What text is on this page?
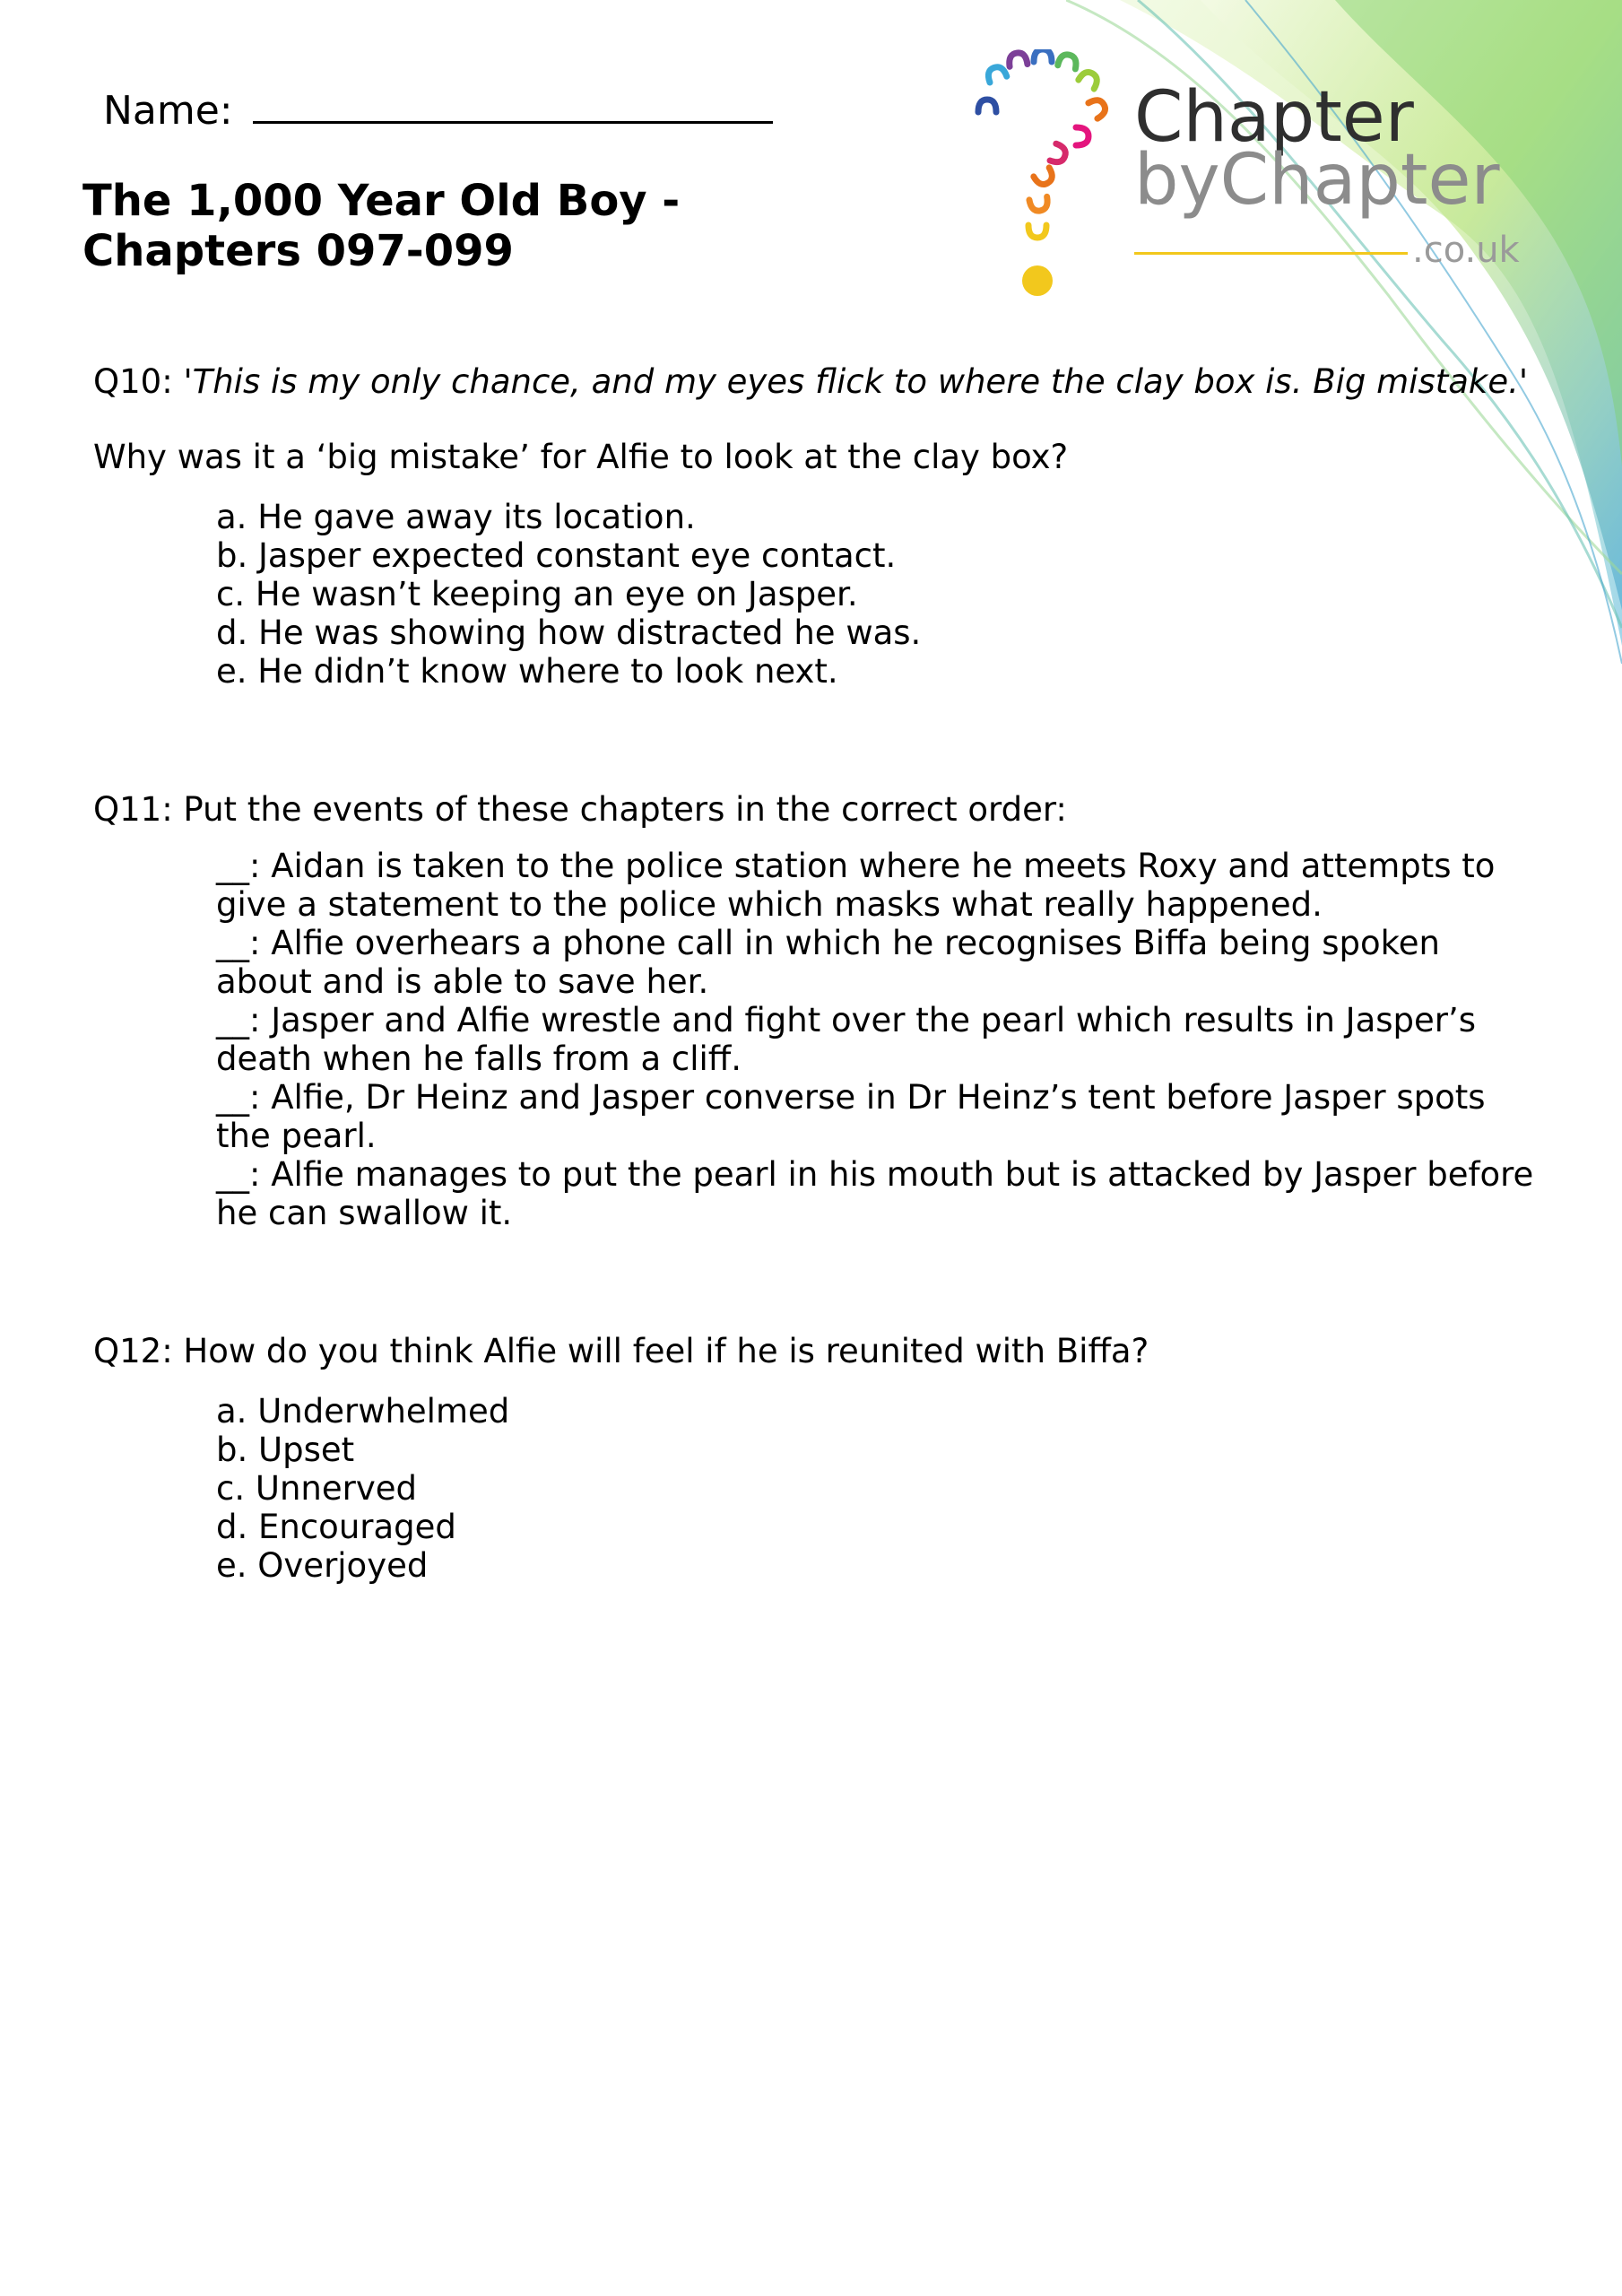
Name:
The 1,000 Year Old Boy -
Chapters 097-099
Chapter
byChapter
.co.uk

Q10: 'This is my only chance, and my eyes flick to where the clay box is. Big mistake.'

Why was it a ‘big mistake’ for Alfie to look at the clay box?

a. He gave away its location.
b. Jasper expected constant eye contact.
c. He wasn’t keeping an eye on Jasper.
d. He was showing how distracted he was.
e. He didn’t know where to look next.

Q11: Put the events of these chapters in the correct order:

__: Aidan is taken to the police station where he meets Roxy and attempts to give a statement to the police which masks what really happened.
__: Alfie overhears a phone call in which he recognises Biffa being spoken about and is able to save her.
__: Jasper and Alfie wrestle and fight over the pearl which results in Jasper’s death when he falls from a cliff.
__: Alfie, Dr Heinz and Jasper converse in Dr Heinz’s tent before Jasper spots the pearl.
__: Alfie manages to put the pearl in his mouth but is attacked by Jasper before he can swallow it.

Q12: How do you think Alfie will feel if he is reunited with Biffa?

a. Underwhelmed
b. Upset
c. Unnerved
d. Encouraged
e. Overjoyed
